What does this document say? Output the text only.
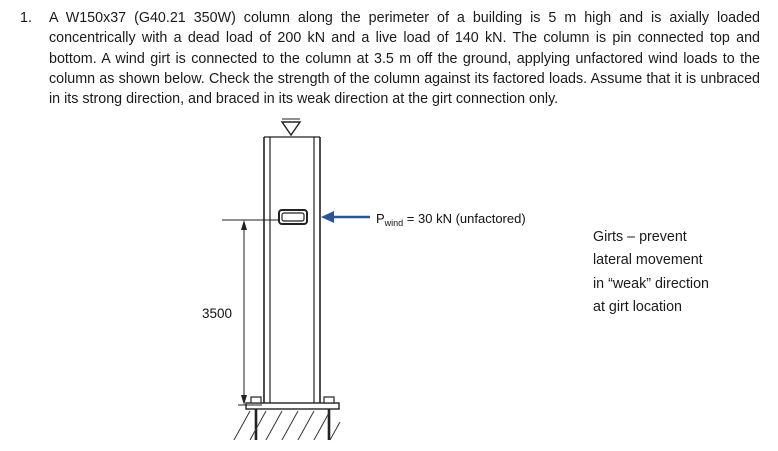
1. A W150x37 (G40.21 350W) column along the perimeter of a building is 5 m high and is axially loaded concentrically with a dead load of 200 kN and a live load of 140 kN. The column is pin connected top and bottom. A wind girt is connected to the column at 3.5 m off the ground, applying unfactored wind loads to the column as shown below. Check the strength of the column against its factored loads. Assume that it is unbraced in its strong direction, and braced in its weak direction at the girt connection only.
3500
$P_{wind} = 30$ kN (unfactored)
Girts – prevent
lateral movement
in “weak” direction
at girt location
